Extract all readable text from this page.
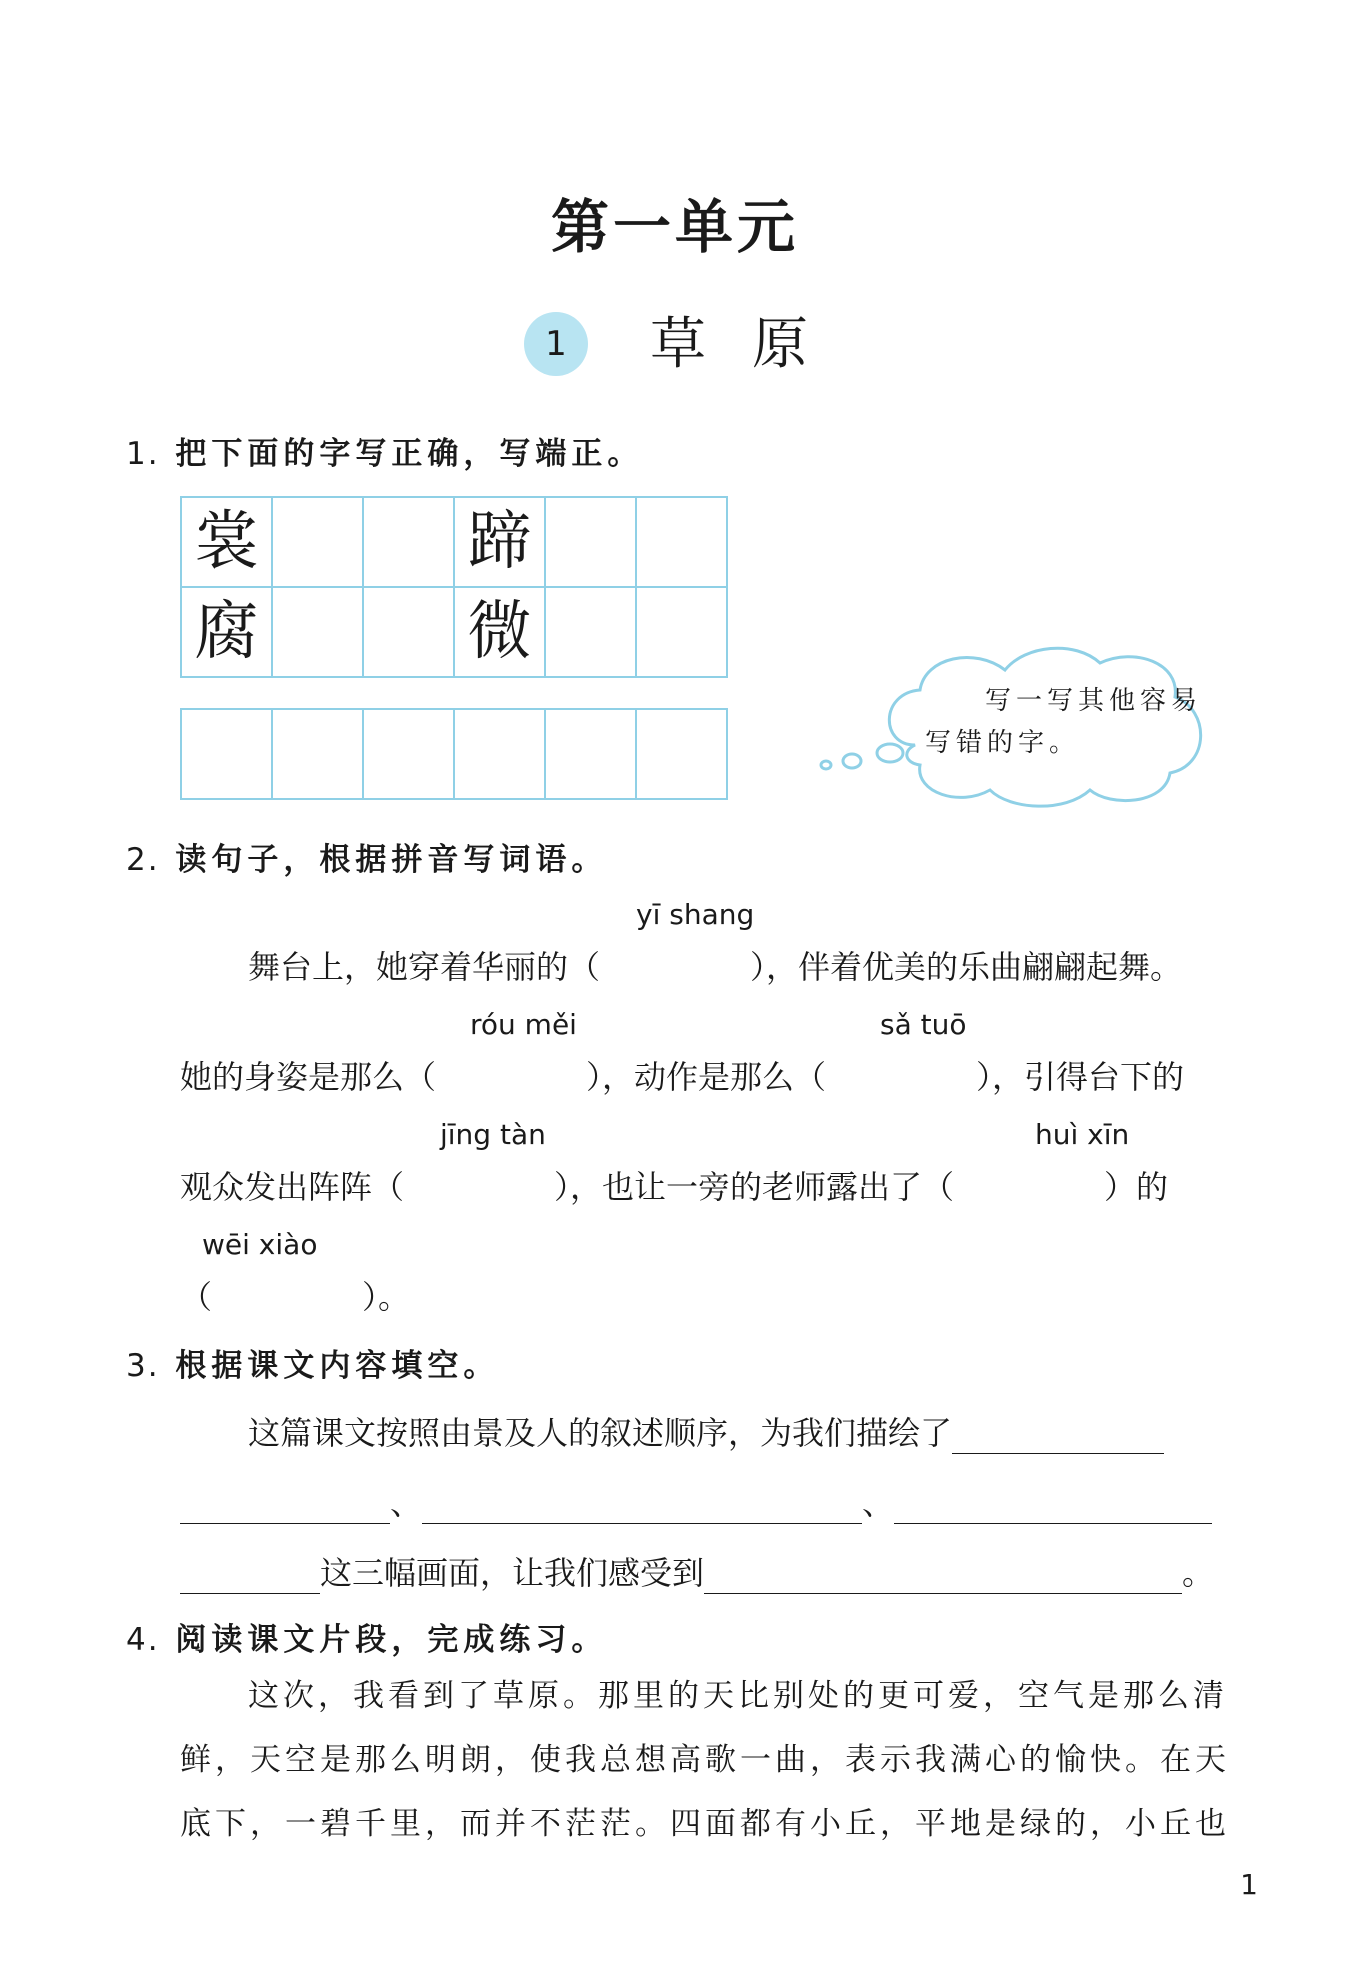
第一单元
1	草原
1. 把下面的字写正确，写端正。
裳	蹄
腐	微
写一写其他容易
写错的字。
2. 读句子，根据拼音写词语。
yī shang
舞台上，她穿着华丽的（	），伴着优美的乐曲翩翩起舞。
róu měi	sǎ tuō
她的身姿是那么（	），动作是那么（	），引得台下的
jīng tàn	huì xīn
观众发出阵阵（	），也让一旁的老师露出了（	）的
wēi xiào
（	）。
3. 根据课文内容填空。
这篇课文按照由景及人的叙述顺序，为我们描绘了
、	、
这三幅画面，让我们感受到	。
4. 阅读课文片段，完成练习。
这次，我看到了草原。那里的天比别处的更可爱，空气是那么清
鲜，天空是那么明朗，使我总想高歌一曲，表示我满心的愉快。在天
底下，一碧千里，而并不茫茫。四面都有小丘，平地是绿的，小丘也
1
